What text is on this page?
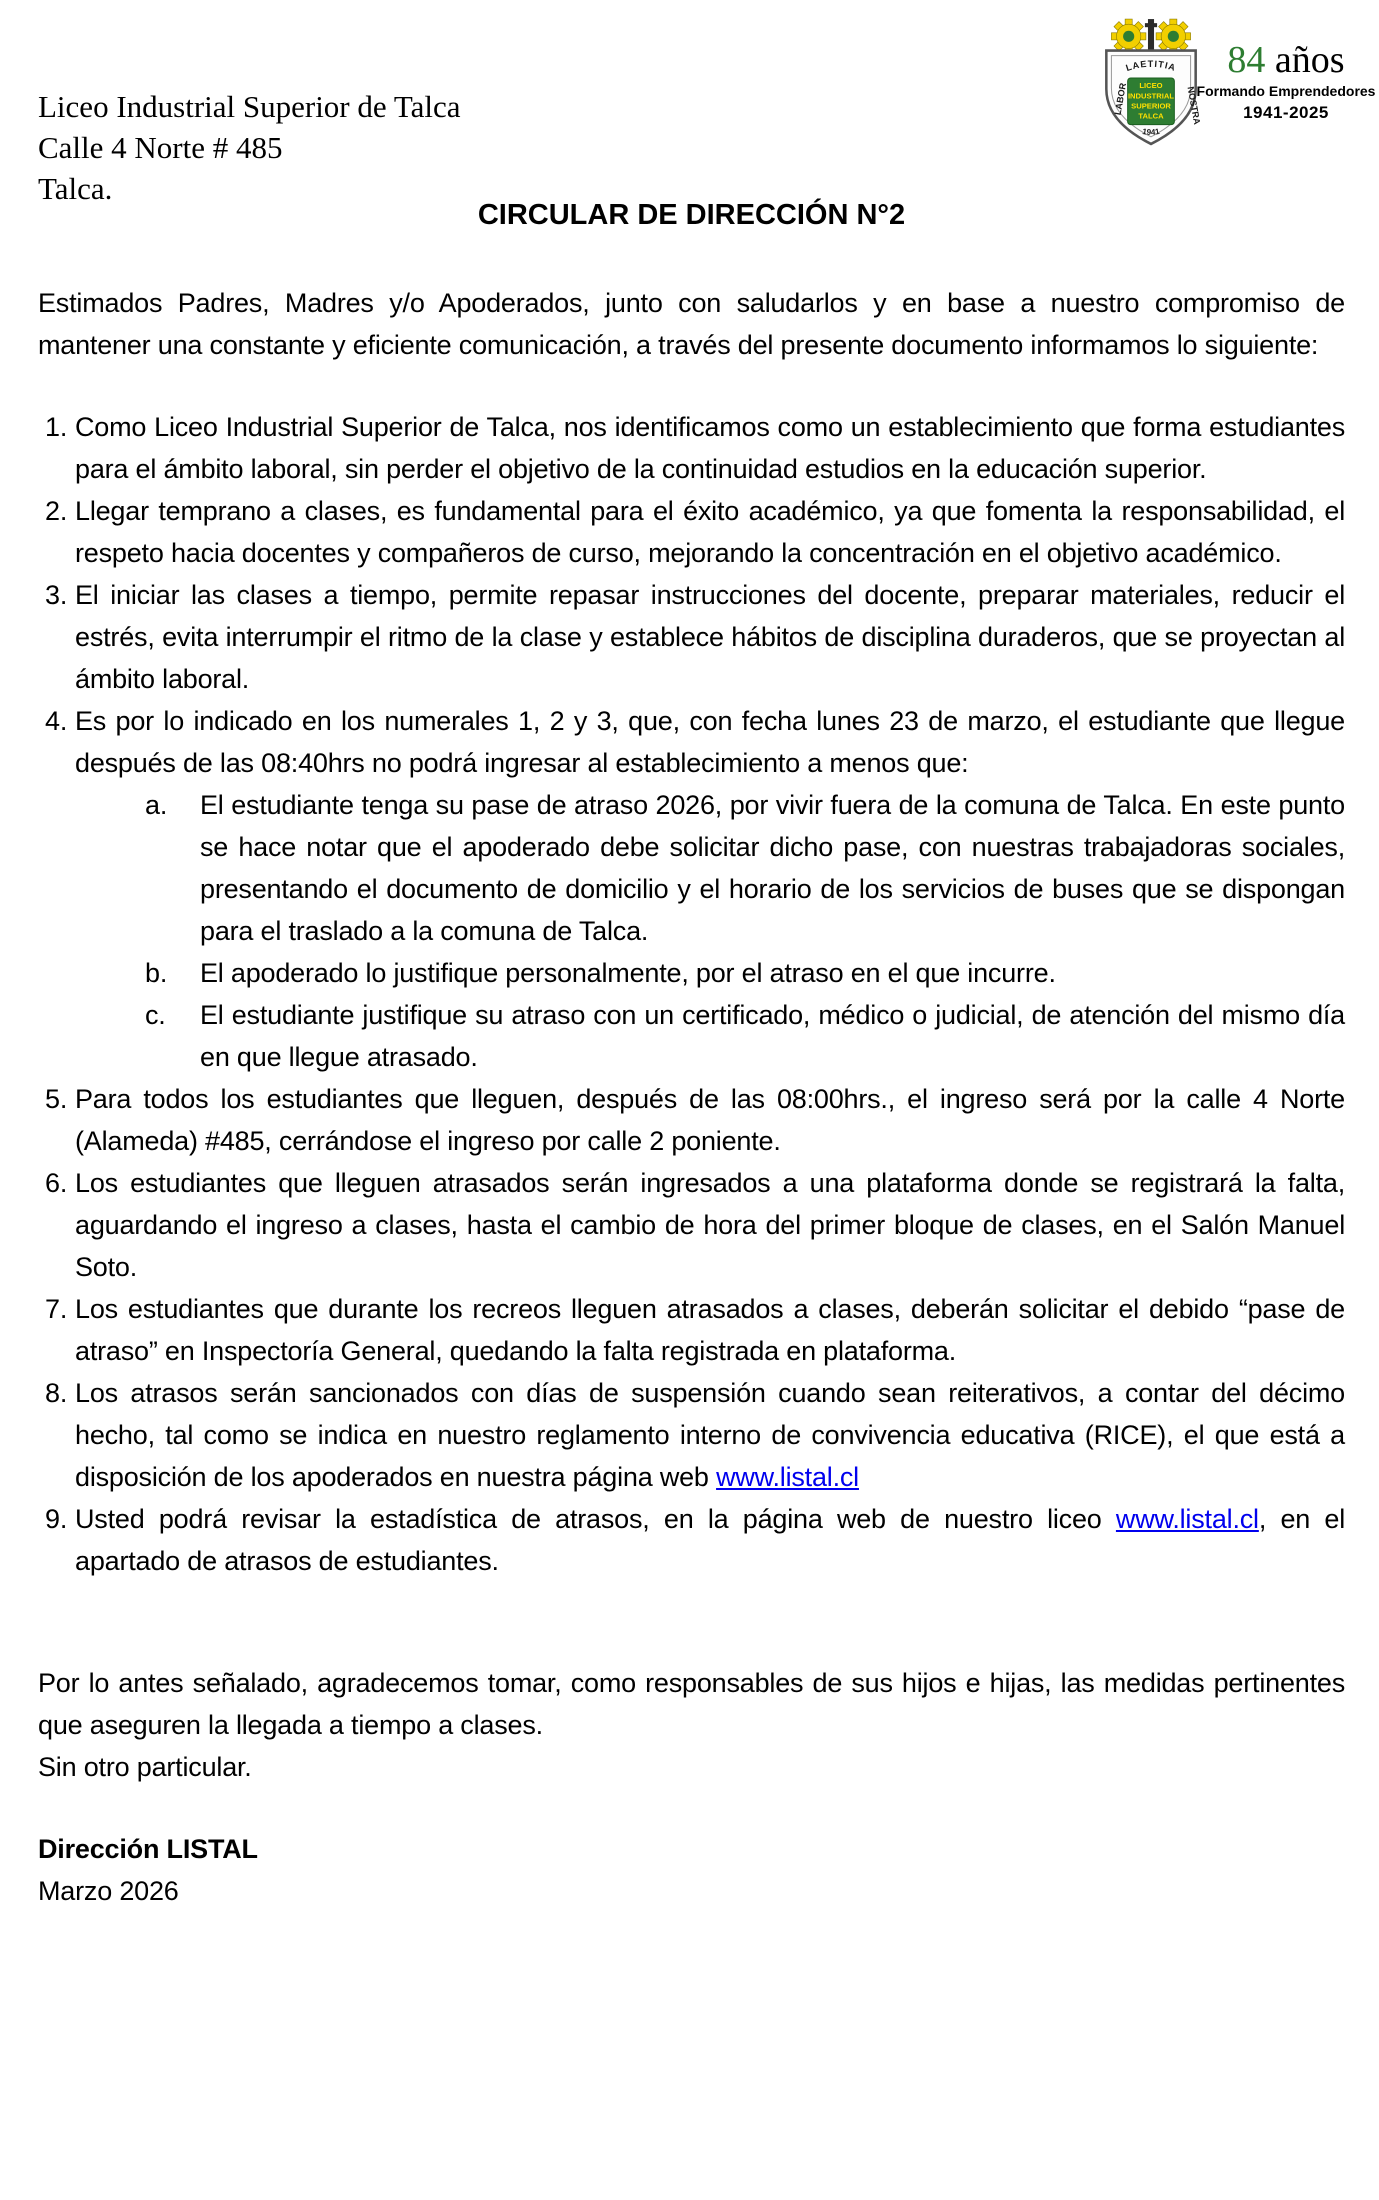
Liceo Industrial Superior de Talca
Calle 4 Norte # 485
Talca.
LAETITIA
LABOR	NOSTRA
LICEO
INDUSTRIAL
SUPERIOR
TALCA
1941
84 años
Formando Emprendedores
1941-2025
CIRCULAR DE DIRECCIÓN N°2

Estimados Padres, Madres y/o Apoderados, junto con saludarlos y en base a nuestro compromiso de mantener una constante y eficiente comunicación, a través del presente documento informamos lo siguiente:

1. Como Liceo Industrial Superior de Talca, nos identificamos como un establecimiento que forma estudiantes para el ámbito laboral, sin perder el objetivo de la continuidad estudios en la educación superior.
2. Llegar temprano a clases, es fundamental para el éxito académico, ya que fomenta la responsabilidad, el respeto hacia docentes y compañeros de curso, mejorando la concentración en el objetivo académico.
3. El iniciar las clases a tiempo, permite repasar instrucciones del docente, preparar materiales, reducir el estrés, evita interrumpir el ritmo de la clase y establece hábitos de disciplina duraderos, que se proyectan al ámbito laboral.
4. Es por lo indicado en los numerales 1, 2 y 3, que, con fecha lunes 23 de marzo, el estudiante que llegue después de las 08:40hrs no podrá ingresar al establecimiento a menos que:
a.	El estudiante tenga su pase de atraso 2026, por vivir fuera de la comuna de Talca. En este punto se hace notar que el apoderado debe solicitar dicho pase, con nuestras trabajadoras sociales, presentando el documento de domicilio y el horario de los servicios de buses que se dispongan para el traslado a la comuna de Talca.
b.	El apoderado lo justifique personalmente, por el atraso en el que incurre.
c.	El estudiante justifique su atraso con un certificado, médico o judicial, de atención del mismo día en que llegue atrasado.
5. Para todos los estudiantes que lleguen, después de las 08:00hrs., el ingreso será por la calle 4 Norte (Alameda) #485, cerrándose el ingreso por calle 2 poniente.
6. Los estudiantes que lleguen atrasados serán ingresados a una plataforma donde se registrará la falta, aguardando el ingreso a clases, hasta el cambio de hora del primer bloque de clases, en el Salón Manuel Soto.
7. Los estudiantes que durante los recreos lleguen atrasados a clases, deberán solicitar el debido “pase de atraso” en Inspectoría General, quedando la falta registrada en plataforma.
8. Los atrasos serán sancionados con días de suspensión cuando sean reiterativos, a contar del décimo hecho, tal como se indica en nuestro reglamento interno de convivencia educativa (RICE), el que está a disposición de los apoderados en nuestra página web www.listal.cl
9. Usted podrá revisar la estadística de atrasos, en la página web de nuestro liceo www.listal.cl, en el apartado de atrasos de estudiantes.

Por lo antes señalado, agradecemos tomar, como responsables de sus hijos e hijas, las medidas pertinentes que aseguren la llegada a tiempo a clases.

Sin otro particular.

Dirección LISTAL

Marzo 2026
